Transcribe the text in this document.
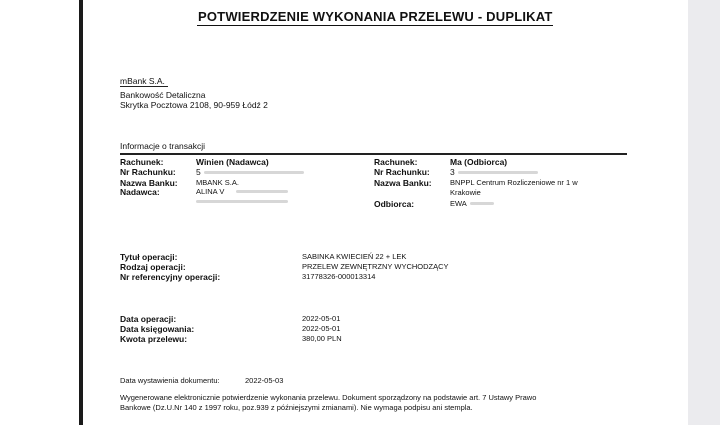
POTWIERDZENIE WYKONANIA PRZELEWU - DUPLIKAT
mBank S.A.
Bankowość Detaliczna
Skrytka Pocztowa 2108, 90-959 Łódź 2
Informacje o transakcji
Rachunek:	Winien (Nadawca)
Nr Rachunku: 5
Nazwa Banku: MBANK S.A.
Nadawca:	ALINA V
Rachunek:	Ma (Odbiorca)
Nr Rachunku: 3
Nazwa Banku: BNPPL Centrum Rozliczeniowe nr 1 w
Krakowie
Odbiorca:	EWA
Tytuł operacji:	SABINKA KWIECIEŃ 22 + LEK
Rodzaj operacji:	PRZELEW ZEWNĘTRZNY WYCHODZĄCY
Nr referencyjny operacji:	31778326-000013314
Data operacji:	2022-05-01
Data księgowania:	2022-05-01
Kwota przelewu:	380,00 PLN
Data wystawienia dokumentu:	2022-05-03
Wygenerowane elektronicznie potwierdzenie wykonania przelewu. Dokument sporządzony na podstawie art. 7 Ustawy Prawo
Bankowe (Dz.U.Nr 140 z 1997 roku, poz.939 z późniejszymi zmianami). Nie wymaga podpisu ani stempla.
